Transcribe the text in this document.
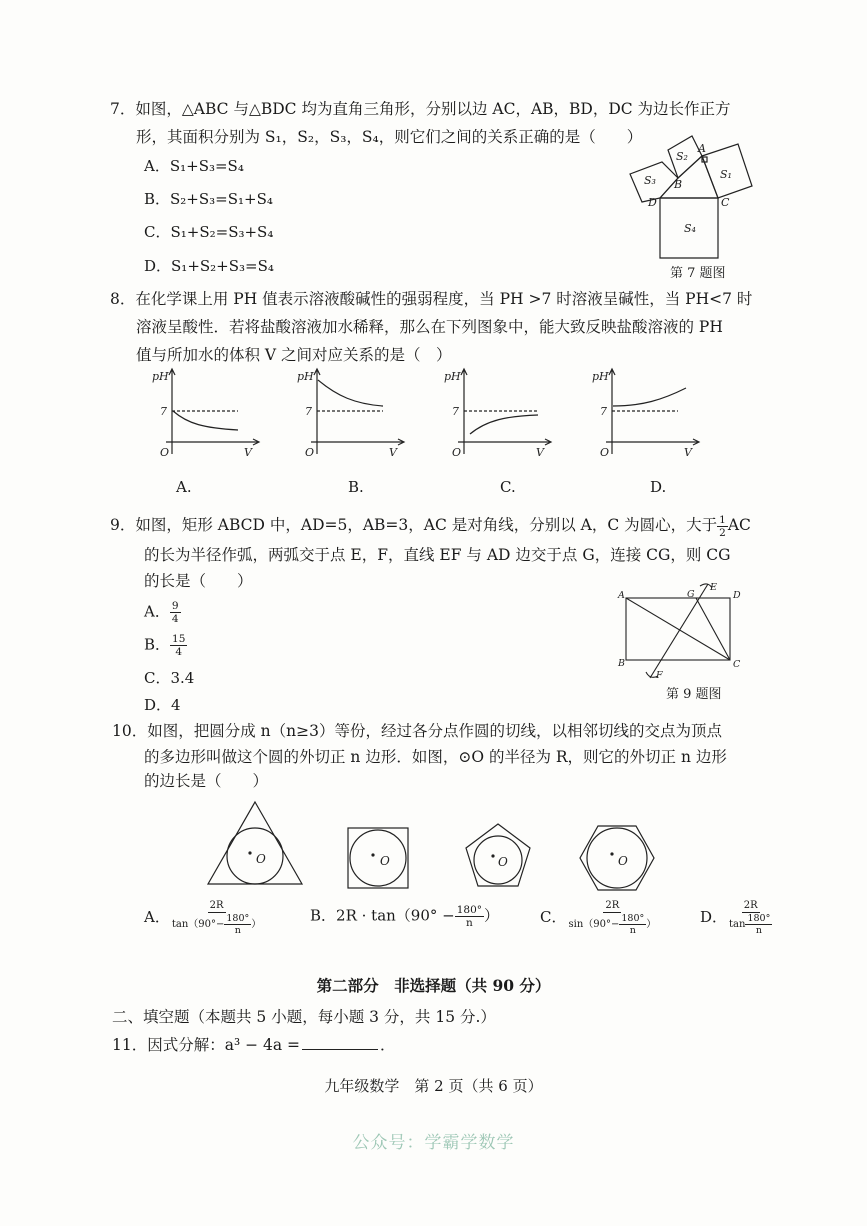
7．如图，△ABC 与△BDC 均为直角三角形，分别以边 AC，AB，BD，DC 为边长作正方
形，其面积分别为 S₁，S₂，S₃，S₄，则它们之间的关系正确的是（　　）
A．S₁+S₃=S₄
B．S₂+S₃=S₁+S₄
C．S₁+S₂=S₃+S₄
D．S₁+S₂+S₃=S₄
S₂
A
S₃ B
S₁
D	C
S₄
第 7 题图
8．在化学课上用 PH 值表示溶液酸碱性的强弱程度，当 PH >7 时溶液呈碱性，当 PH<7 时
溶液呈酸性．若将盐酸溶液加水稀释，那么在下列图象中，能大致反映盐酸溶液的 PH
值与所加水的体积 V 之间对应关系的是（　）
pH
7
O	V
pH
7
O	V
pH
7
O	V
pH
7
O	V
A.	B.	C.	D.
9．如图，矩形 ABCD 中，AD=5，AB=3，AC 是对角线，分别以 A，C 为圆心，大于 $\frac{1}{2}$ AC
的长为半径作弧，两弧交于点 E，F，直线 EF 与 AD 边交于点 G，连接 CG，则 CG
的长是（　　）
A． $\frac{9}{4}$
B． $\frac{15}{4}$
C．3.4
D．4
A	G
E
D
B
F
C
第 9 题图
10．如图，把圆分成 n（n≥3）等份，经过各分点作圆的切线，以相邻切线的交点为顶点
的多边形叫做这个圆的外切正 n 边形．如图，⊙O 的半径为 R，则它的外切正 n 边形
的边长是（　　）
O	O	O	O
A． $\frac{2R}{\tan(90^\circ- \frac{180^\circ}{n} )}$	B．$2R \cdot \tan(90^\circ - \frac{180^\circ}{n}$ ）	C． $\frac{2R}{\sin(90^\circ- \frac{180^\circ}{n} )}$	D． $\frac{2R}{\tan \frac{180^\circ}{n}}$
第二部分　非选择题（共 90 分）
二、填空题（本题共 5 小题，每小题 3 分，共 15 分.）
11．因式分解：a³ − 4a =	．
九年级数学　第 2 页（共 6 页）
公众号：学霸学数学
